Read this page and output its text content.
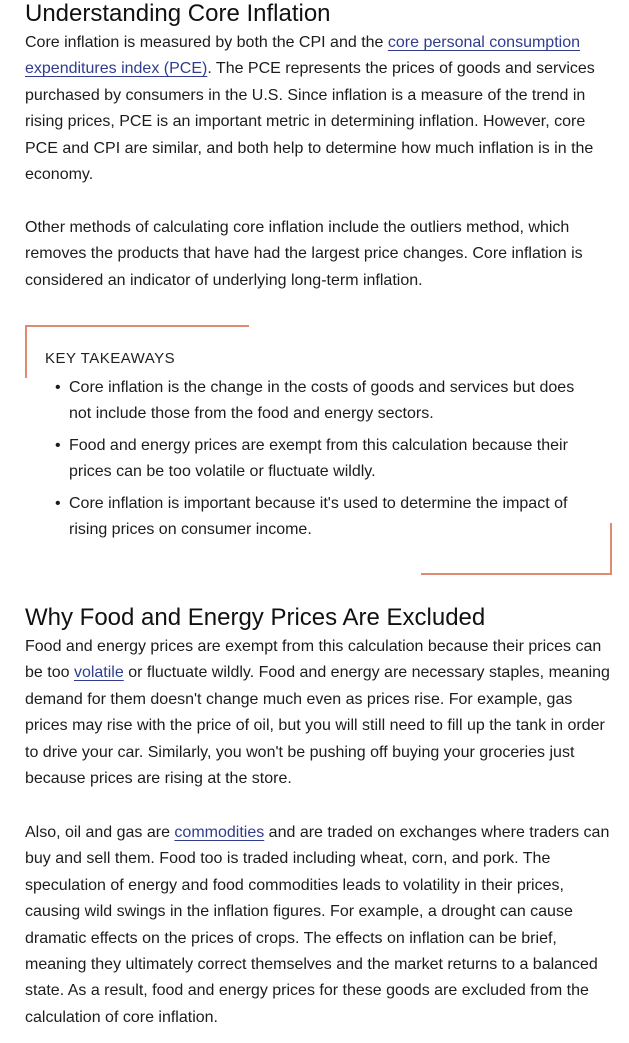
Understanding Core Inflation

Core inflation is measured by both the CPI and the core personal consumption expenditures index (PCE). The PCE represents the prices of goods and services purchased by consumers in the U.S. Since inflation is a measure of the trend in rising prices, PCE is an important metric in determining inflation. However, core PCE and CPI are similar, and both help to determine how much inflation is in the economy.

Other methods of calculating core inflation include the outliers method, which removes the products that have had the largest price changes. Core inflation is considered an indicator of underlying long-term inflation.

KEY TAKEAWAYS
• Core inflation is the change in the costs of goods and services but does not include those from the food and energy sectors.
• Food and energy prices are exempt from this calculation because their prices can be too volatile or fluctuate wildly.
• Core inflation is important because it's used to determine the impact of rising prices on consumer income.
Why Food and Energy Prices Are Excluded

Food and energy prices are exempt from this calculation because their prices can be too volatile or fluctuate wildly. Food and energy are necessary staples, meaning demand for them doesn't change much even as prices rise. For example, gas prices may rise with the price of oil, but you will still need to fill up the tank in order to drive your car. Similarly, you won't be pushing off buying your groceries just because prices are rising at the store.

Also, oil and gas are commodities and are traded on exchanges where traders can buy and sell them. Food too is traded including wheat, corn, and pork. The speculation of energy and food commodities leads to volatility in their prices, causing wild swings in the inflation figures. For example, a drought can cause dramatic effects on the prices of crops. The effects on inflation can be brief, meaning they ultimately correct themselves and the market returns to a balanced state. As a result, food and energy prices for these goods are excluded from the calculation of core inflation.
